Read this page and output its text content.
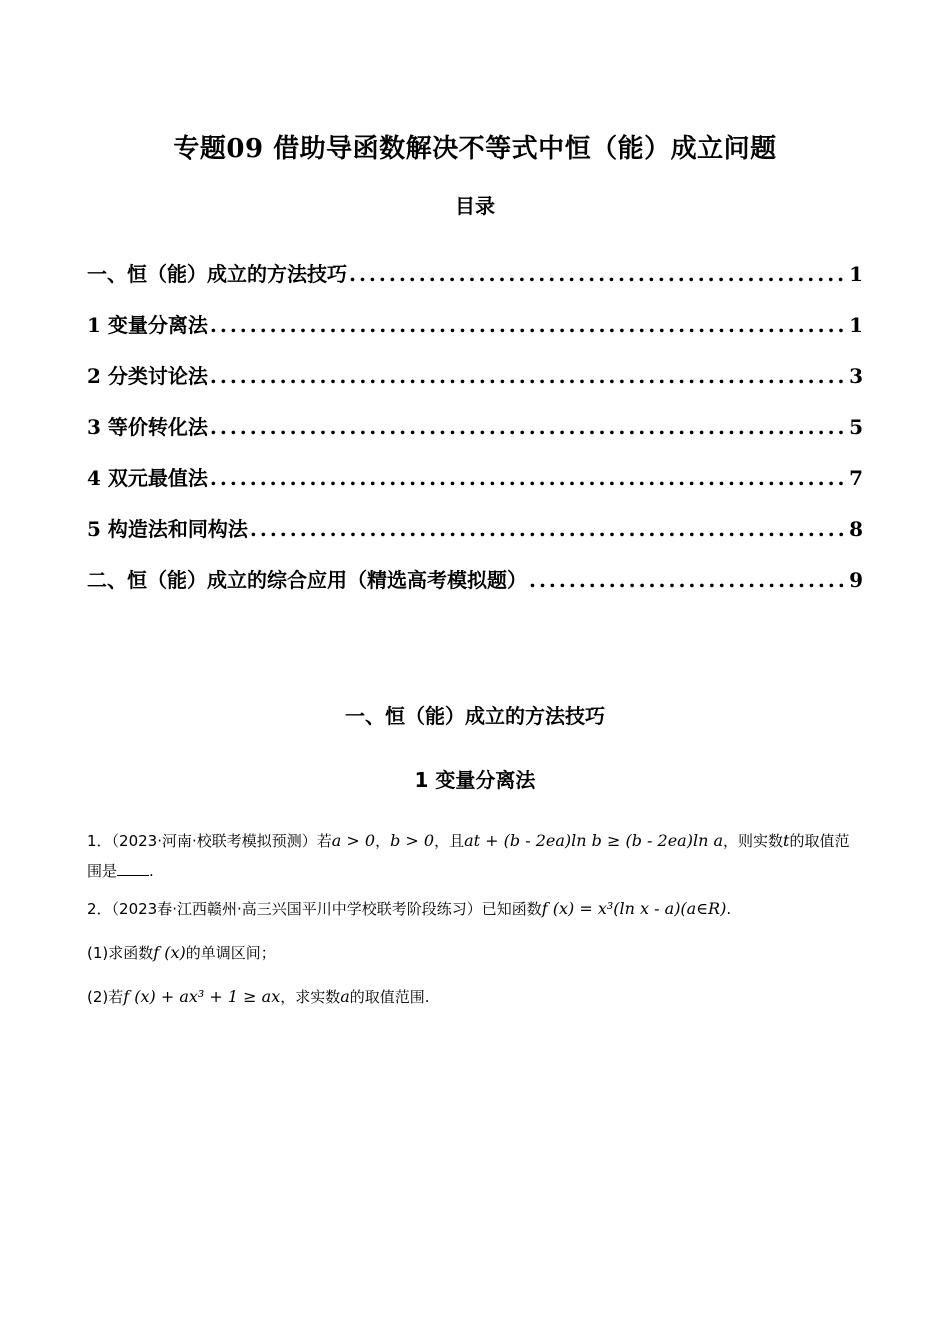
专题09 借助导函数解决不等式中恒（能）成立问题
目录
一、恒（能）成立的方法技巧 .....	1
1 变量分离法 .....	1
2 分类讨论法 .....	3
3 等价转化法 .....	5
4 双元最值法 .....	7
5 构造法和同构法 .....	8
二、恒（能）成立的综合应用（精选高考模拟题） .....	9
一、恒（能）成立的方法技巧
1 变量分离法
1．（2023·河南·校联考模拟预测）若a > 0，b > 0，且at + (b - 2ea)ln b ≥ (b - 2ea)ln a，则实数t的取值范
围是 .
2．（2023春·江西赣州·高三兴国平川中学校联考阶段练习）已知函数f (x) = x³(ln x - a)(a∈R).
(1)求函数f (x)的单调区间；
(2)若f (x) + ax³ + 1 ≥ ax，求实数a的取值范围.
